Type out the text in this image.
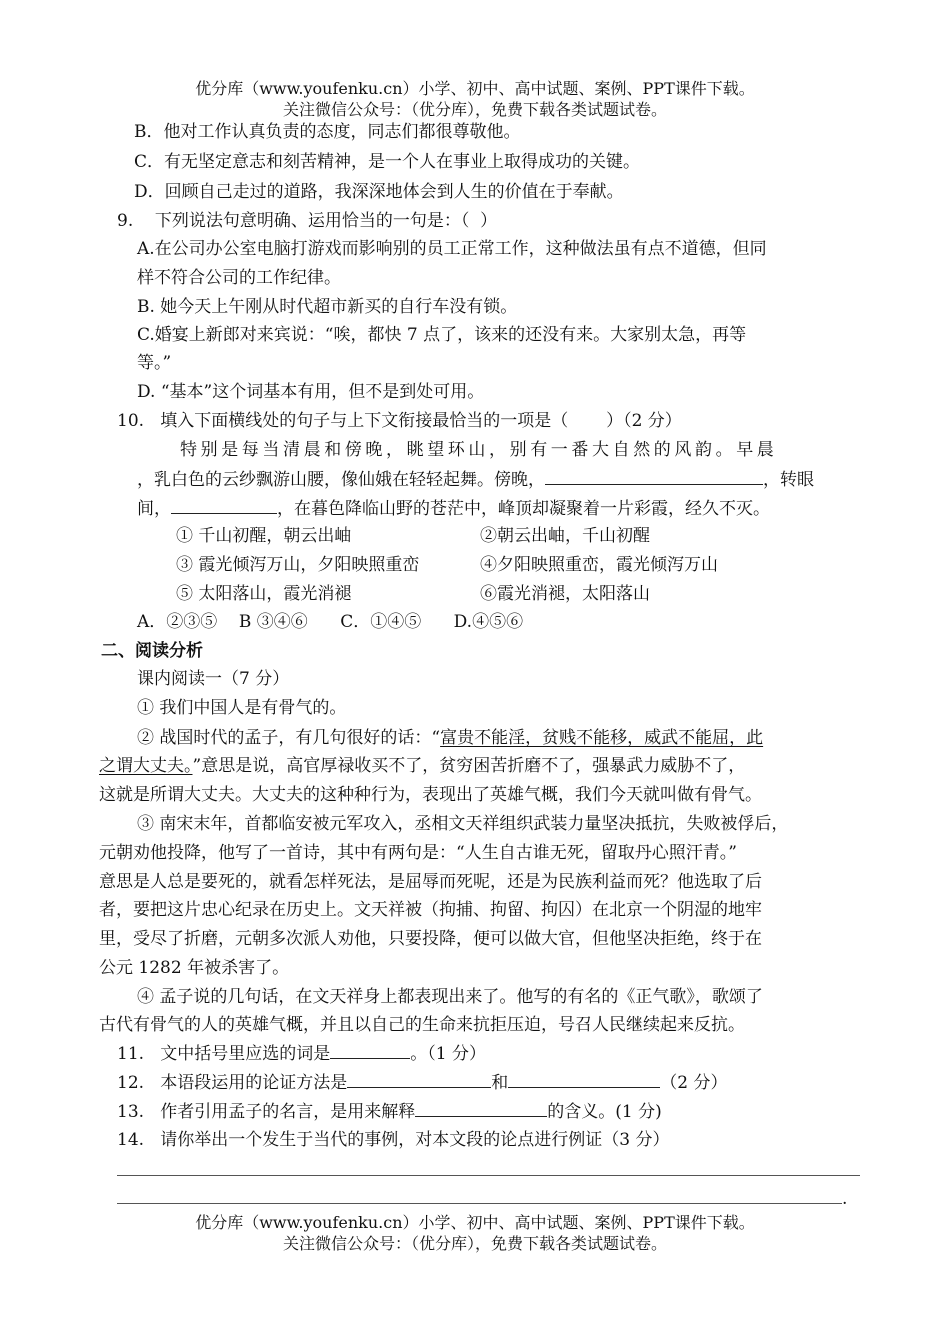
优分库（www.youfenku.cn）小学、初中、高中试题、案例、PPT课件下载。
关注微信公众号：（优分库），免费下载各类试题试卷。
B．他对工作认真负责的态度，同志们都很尊敬他。
C．有无坚定意志和刻苦精神，是一个人在事业上取得成功的关键。
D．回顾自己走过的道路，我深深地体会到人生的价值在于奉献。
9.    下列说法句意明确、运用恰当的一句是：（  ）
A.在公司办公室电脑打游戏而影响别的员工正常工作，这种做法虽有点不道德，但同
样不符合公司的工作纪律。
B. 她今天上午刚从时代超市新买的自行车没有锁。
C.婚宴上新郎对来宾说：“唉，都快 7 点了，该来的还没有来。大家别太急，再等
等。”
D. “基本”这个词基本有用，但不是到处可用。
10.   填入下面横线处的句子与上下文衔接最恰当的一项是（       ）（2 分）
特别是每当清晨和傍晚，眺望环山，别有一番大自然的风韵。早晨
，乳白色的云纱飘游山腰，像仙娥在轻轻起舞。傍晚，	，转眼
间，	，在暮色降临山野的苍茫中，峰顶却凝聚着一片彩霞，经久不灭。
① 千山初醒，朝云出岫	②朝云出岫，千山初醒
③ 霞光倾泻万山，夕阳映照重峦	④夕阳映照重峦，霞光倾泻万山
⑤ 太阳落山，霞光消褪	⑥霞光消褪，太阳落山
A．②③⑤    B ③④⑥      C．①④⑤      D.④⑤⑥
二、阅读分析
课内阅读一（7 分）
① 我们中国人是有骨气的。
② 战国时代的孟子，有几句很好的话：“富贵不能淫，贫贱不能移，威武不能屈，此
之谓大丈夫。”意思是说，高官厚禄收买不了，贫穷困苦折磨不了，强暴武力威胁不了，
这就是所谓大丈夫。大丈夫的这种种行为，表现出了英雄气概，我们今天就叫做有骨气。
③ 南宋末年，首都临安被元军攻入，丞相文天祥组织武装力量坚决抵抗，失败被俘后，
元朝劝他投降，他写了一首诗，其中有两句是：“人生自古谁无死，留取丹心照汗青。”
意思是人总是要死的，就看怎样死法，是屈辱而死呢，还是为民族利益而死？他选取了后
者，要把这片忠心纪录在历史上。文天祥被（拘捕、拘留、拘囚）在北京一个阴湿的地牢
里，受尽了折磨，元朝多次派人劝他，只要投降，便可以做大官，但他坚决拒绝，终于在
公元 1282 年被杀害了。
④ 孟子说的几句话，在文天祥身上都表现出来了。他写的有名的《正气歌》，歌颂了
古代有骨气的人的英雄气概，并且以自己的生命来抗拒压迫，号召人民继续起来反抗。
11.   文中括号里应选的词是	。（1 分）
12.   本语段运用的论证方法是	和	（2 分）
13.   作者引用孟子的名言，是用来解释	的含义。(1 分)
14.   请你举出一个发生于当代的事例，对本文段的论点进行例证（3 分）
.
优分库（www.youfenku.cn）小学、初中、高中试题、案例、PPT课件下载。
关注微信公众号：（优分库），免费下载各类试题试卷。
